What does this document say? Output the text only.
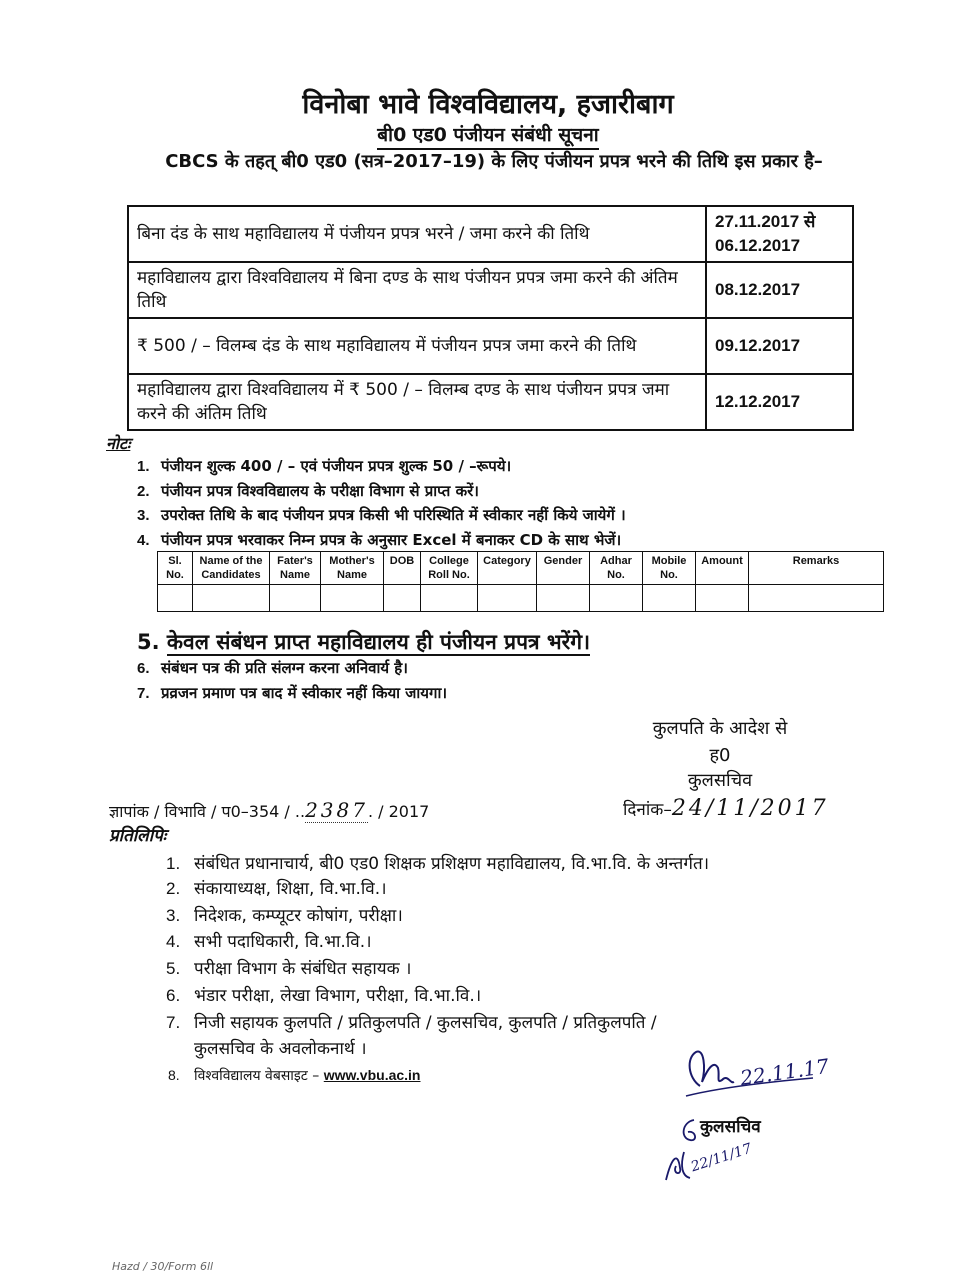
विनोबा भावे विश्वविद्यालय, हजारीबाग
बी0 एड0 पंजीयन संबंधी सूचना
CBCS के तहत् बी0 एड0 (सत्र–2017–19) के लिए पंजीयन प्रपत्र भरने की तिथि इस प्रकार है–
बिना दंड के साथ महाविद्यालय में पंजीयन प्रपत्र भरने / जमा करने की तिथि	27.11.2017 से 06.12.2017
महाविद्यालय द्वारा विश्वविद्यालय में बिना दण्ड के साथ पंजीयन प्रपत्र जमा करने की अंतिम तिथि	08.12.2017
₹ 500 / – विलम्ब दंड के साथ महाविद्यालय में पंजीयन प्रपत्र जमा करने की तिथि	09.12.2017
महाविद्यालय द्वारा विश्वविद्यालय में ₹ 500 / – विलम्ब दण्ड के साथ पंजीयन प्रपत्र जमा करने की अंतिम तिथि	12.12.2017
नोटः
1. पंजीयन शुल्क 400 / – एवं पंजीयन प्रपत्र शुल्क 50 / –रूपये।
2. पंजीयन प्रपत्र विश्वविद्यालय के परीक्षा विभाग से प्राप्त करें।
3. उपरोक्त तिथि के बाद पंजीयन प्रपत्र किसी भी परिस्थिति में स्वीकार नहीं किये जायेगें ।
4. पंजीयन प्रपत्र भरवाकर निम्न प्रपत्र के अनुसार Excel में बनाकर CD के साथ भेजें।
Sl. No.	Name of the Candidates	Fater's Name	Mother's Name	DOB	College Roll No.	Category	Gender	Adhar No.	Mobile No.	Amount	Remarks

5. केवल संबंधन प्राप्त महाविद्यालय ही पंजीयन प्रपत्र भरेंगे।
6. संबंधन पत्र की प्रति संलग्न करना अनिवार्य है।
7. प्रव्रजन प्रमाण पत्र बाद में स्वीकार नहीं किया जायगा।
कुलपति के आदेश से
ह0
कुलसचिव
ज्ञापांक / विभावि / प0–354 / ..2387. / 2017	दिनांक–24/11/2017
प्रतिलिपिः
1. संबंधित प्रधानाचार्य, बी0 एड0 शिक्षक प्रशिक्षण महाविद्यालय, वि.भा.वि. के अन्तर्गत।
2. संकायाध्यक्ष, शिक्षा, वि.भा.वि.।
3. निदेशक, कम्प्यूटर कोषांग, परीक्षा।
4. सभी पदाधिकारी, वि.भा.वि.।
5. परीक्षा विभाग के संबंधित सहायक ।
6. भंडार परीक्षा, लेखा विभाग, परीक्षा, वि.भा.वि.।
7. निजी सहायक कुलपति / प्रतिकुलपति / कुलसचिव, कुलपति / प्रतिकुलपति /
कुलसचिव के अवलोकनार्थ ।
8. विश्वविद्यालय वेबसाइट – www.vbu.ac.in	22.11.17
कुलसचिव
22/11/17
Hazd / 30/Form 6ll
